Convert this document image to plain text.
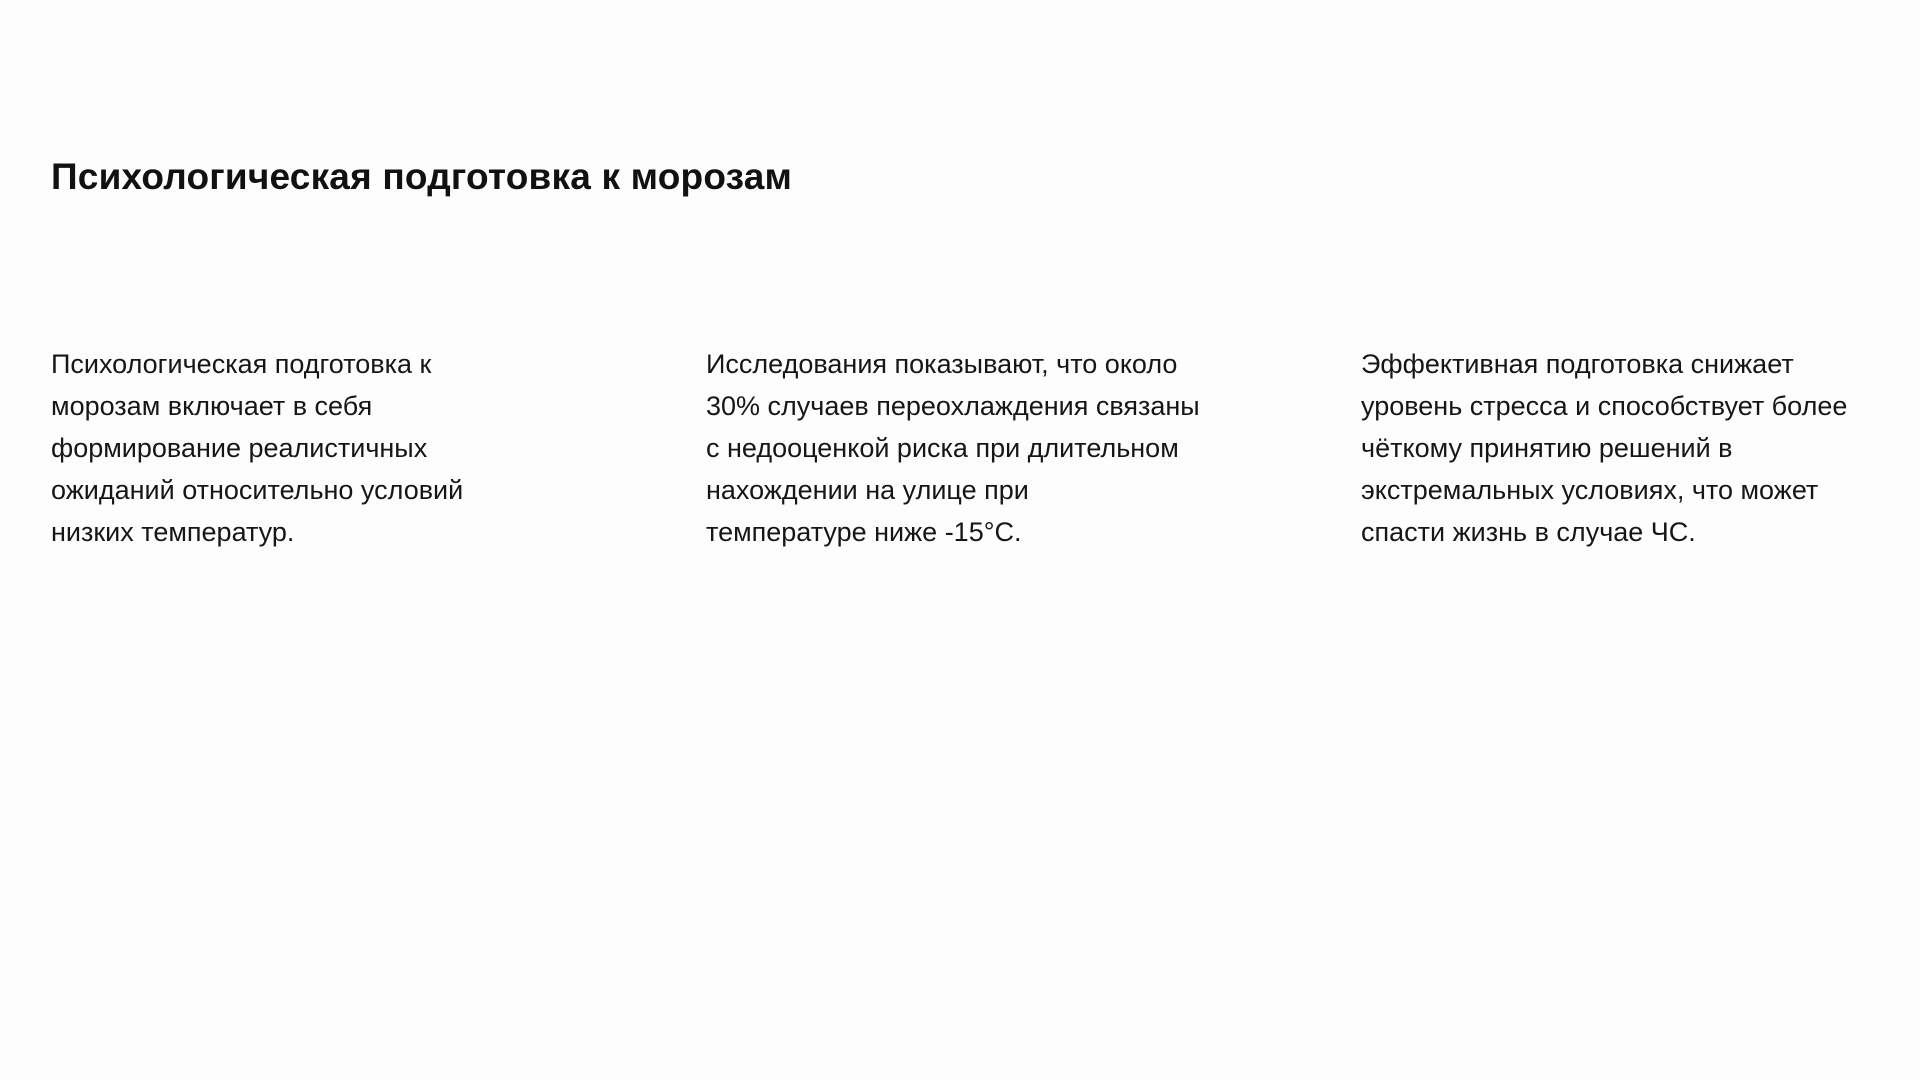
Психологическая подготовка к морозам

Психологическая подготовка к
морозам включает в себя
формирование реалистичных
ожиданий относительно условий
низких температур.

Исследования показывают, что около
30% случаев переохлаждения связаны
с недооценкой риска при длительном
нахождении на улице при
температуре ниже -15°C.

Эффективная подготовка снижает
уровень стресса и способствует более
чёткому принятию решений в
экстремальных условиях, что может
спасти жизнь в случае ЧС.
